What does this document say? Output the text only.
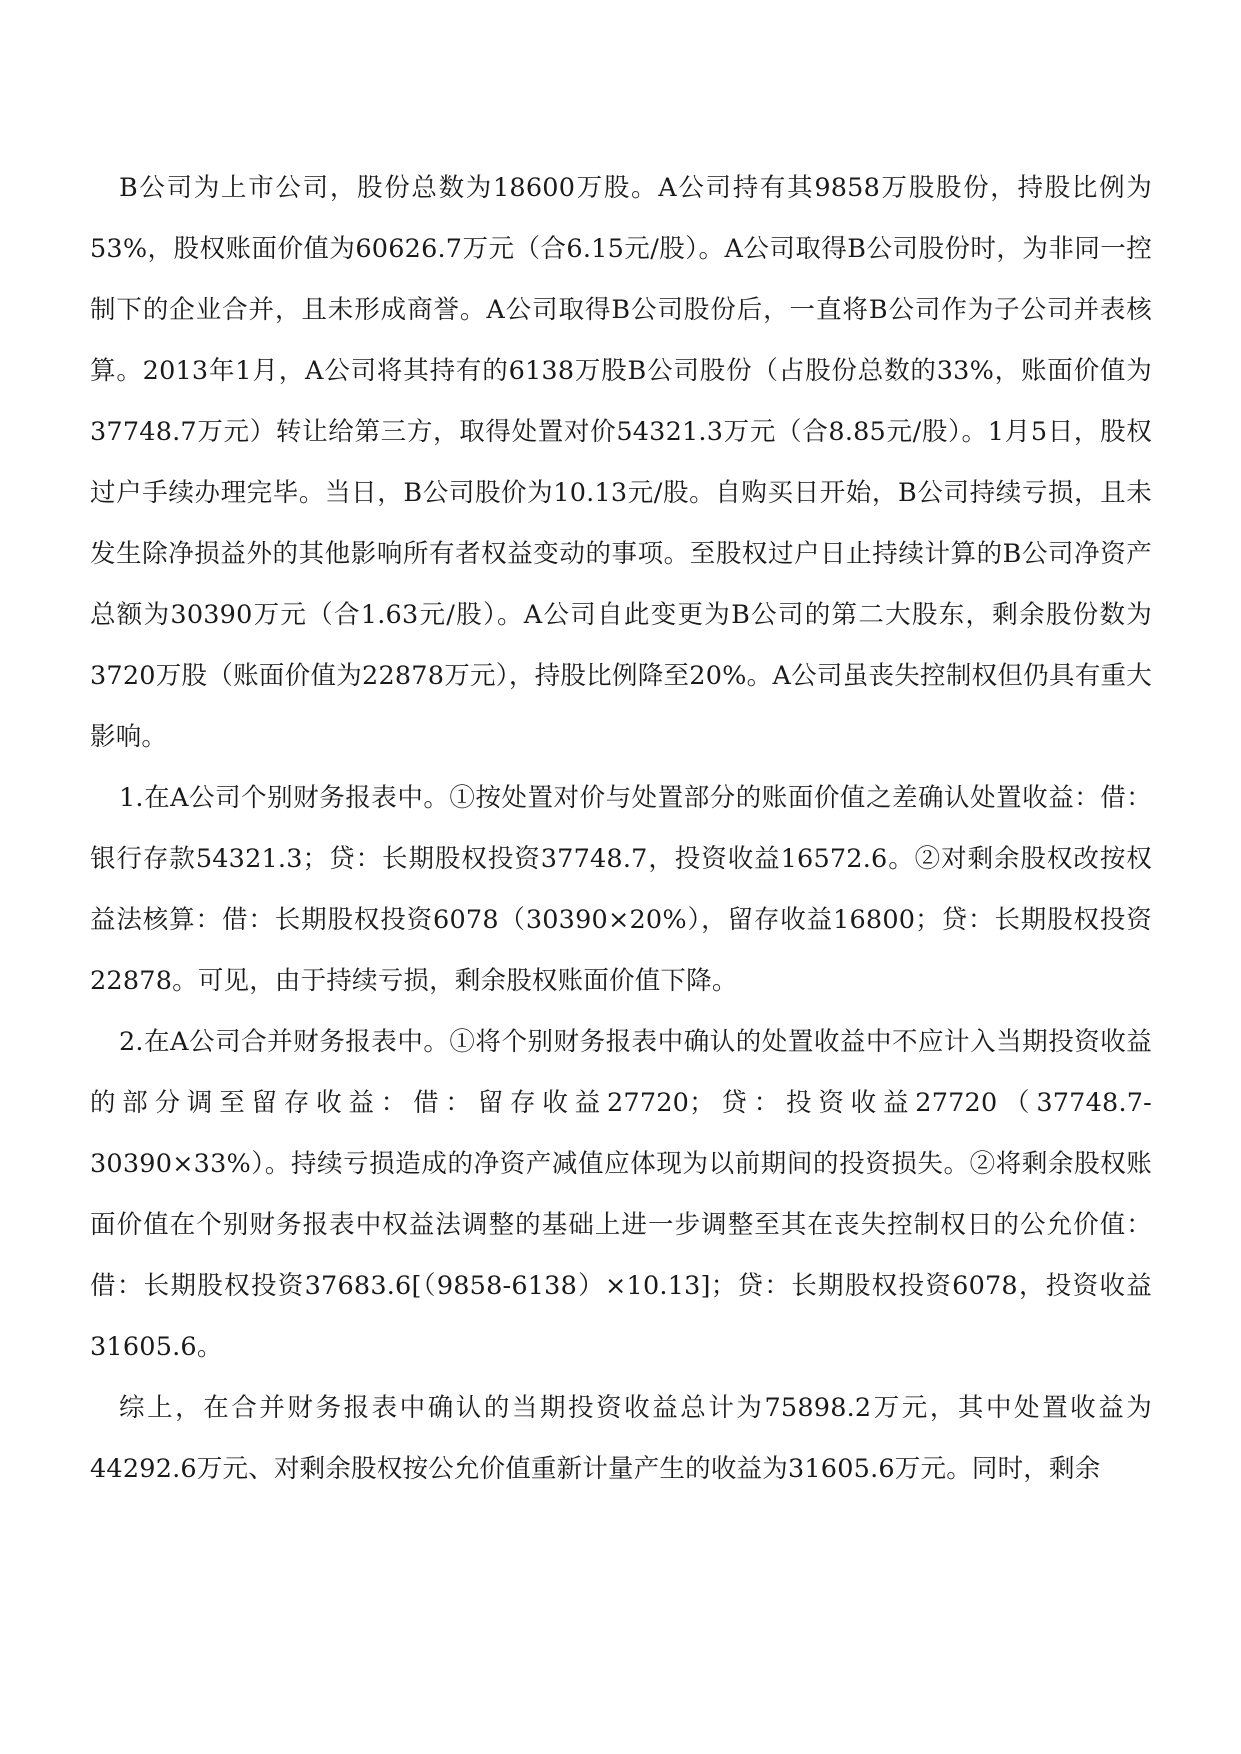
B公司为上市公司，股份总数为18600万股。A公司持有其9858万股股份，持股比例为53%，股权账面价值为60626.7万元（合6.15元/股）。A公司取得B公司股份时，为非同一控制下的企业合并，且未形成商誉。A公司取得B公司股份后，一直将B公司作为子公司并表核算。2013年1月，A公司将其持有的6138万股B公司股份（占股份总数的33%，账面价值为37748.7万元）转让给第三方，取得处置对价54321.3万元（合8.85元/股）。1月5日，股权过户手续办理完毕。当日，B公司股价为10.13元/股。自购买日开始，B公司持续亏损，且未发生除净损益外的其他影响所有者权益变动的事项。至股权过户日止持续计算的B公司净资产总额为30390万元（合1.63元/股）。A公司自此变更为B公司的第二大股东，剩余股份数为3720万股（账面价值为22878万元），持股比例降至20%。A公司虽丧失控制权但仍具有重大影响。

1.在A公司个别财务报表中。①按处置对价与处置部分的账面价值之差确认处置收益：借：银行存款54321.3；贷：长期股权投资37748.7，投资收益16572.6。②对剩余股权改按权益法核算：借：长期股权投资6078（30390×20%），留存收益16800；贷：长期股权投资22878。可见，由于持续亏损，剩余股权账面价值下降。

2.在A公司合并财务报表中。①将个别财务报表中确认的处置收益中不应计入当期投资收益的部分调至留存收益：借：留存收益27720；贷：投资收益27720（37748.7-30390×33%）。持续亏损造成的净资产减值应体现为以前期间的投资损失。②将剩余股权账面价值在个别财务报表中权益法调整的基础上进一步调整至其在丧失控制权日的公允价值：借：长期股权投资37683.6[（9858-6138）×10.13]；贷：长期股权投资6078，投资收益31605.6。

综上，在合并财务报表中确认的当期投资收益总计为75898.2万元，其中处置收益为44292.6万元、对剩余股权按公允价值重新计量产生的收益为31605.6万元。同时，剩余
